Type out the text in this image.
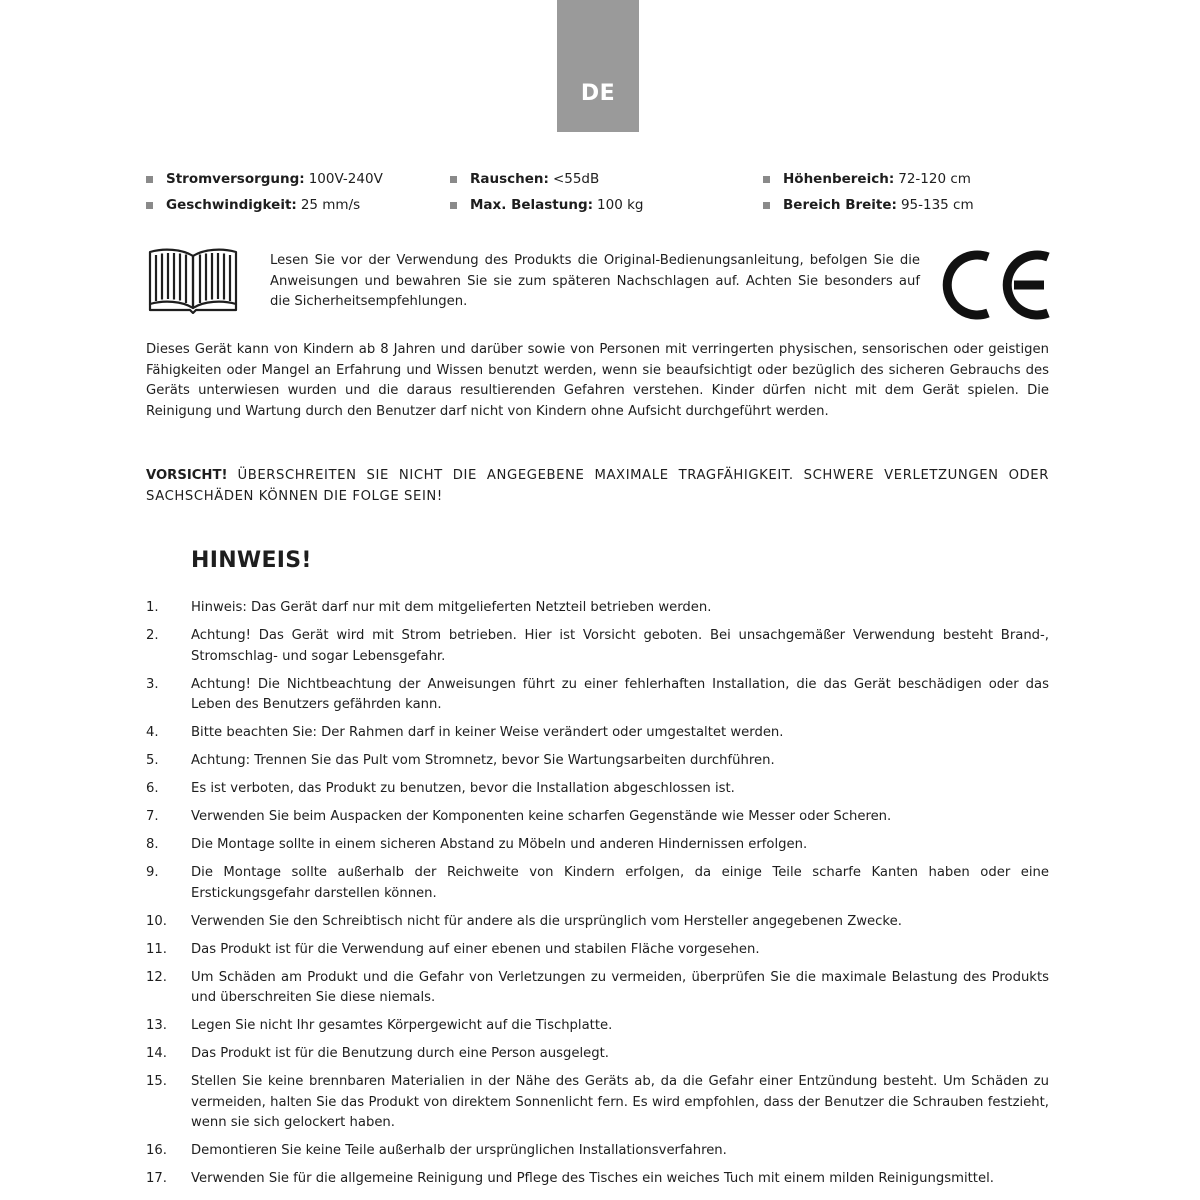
DE
Stromversorgung: 100V-240V
Geschwindigkeit: 25 mm/s
Rauschen: <55dB
Max. Belastung: 100 kg
Höhenbereich: 72-120 cm
Bereich Breite: 95-135 cm
Lesen Sie vor der Verwendung des Produkts die Original-Bedienungsanleitung, befolgen Sie die Anweisungen und bewahren Sie sie zum späteren Nachschlagen auf. Achten Sie besonders auf die Sicherheitsempfehlungen.
Dieses Gerät kann von Kindern ab 8 Jahren und darüber sowie von Personen mit verringerten physischen, sensorischen oder geistigen Fähigkeiten oder Mangel an Erfahrung und Wissen benutzt werden, wenn sie beaufsichtigt oder bezüglich des sicheren Gebrauchs des Geräts unterwiesen wurden und die daraus resultierenden Gefahren verstehen. Kinder dürfen nicht mit dem Gerät spielen. Die Reinigung und Wartung durch den Benutzer darf nicht von Kindern ohne Aufsicht durchgeführt werden.
VORSICHT! ÜBERSCHREITEN SIE NICHT DIE ANGEGEBENE MAXIMALE TRAGFÄHIGKEIT. SCHWERE VERLETZUNGEN ODER SACHSCHÄDEN KÖNNEN DIE FOLGE SEIN!
HINWEIS!
1. Hinweis: Das Gerät darf nur mit dem mitgelieferten Netzteil betrieben werden.
2. Achtung! Das Gerät wird mit Strom betrieben. Hier ist Vorsicht geboten. Bei unsachgemäßer Verwendung besteht Brand-, Stromschlag- und sogar Lebensgefahr.
3. Achtung! Die Nichtbeachtung der Anweisungen führt zu einer fehlerhaften Installation, die das Gerät beschädigen oder das Leben des Benutzers gefährden kann.
4. Bitte beachten Sie: Der Rahmen darf in keiner Weise verändert oder umgestaltet werden.
5. Achtung: Trennen Sie das Pult vom Stromnetz, bevor Sie Wartungsarbeiten durchführen.
6. Es ist verboten, das Produkt zu benutzen, bevor die Installation abgeschlossen ist.
7. Verwenden Sie beim Auspacken der Komponenten keine scharfen Gegenstände wie Messer oder Scheren.
8. Die Montage sollte in einem sicheren Abstand zu Möbeln und anderen Hindernissen erfolgen.
9. Die Montage sollte außerhalb der Reichweite von Kindern erfolgen, da einige Teile scharfe Kanten haben oder eine Erstickungsgefahr darstellen können.
10. Verwenden Sie den Schreibtisch nicht für andere als die ursprünglich vom Hersteller angegebenen Zwecke.
11. Das Produkt ist für die Verwendung auf einer ebenen und stabilen Fläche vorgesehen.
12. Um Schäden am Produkt und die Gefahr von Verletzungen zu vermeiden, überprüfen Sie die maximale Belastung des Produkts und überschreiten Sie diese niemals.
13. Legen Sie nicht Ihr gesamtes Körpergewicht auf die Tischplatte.
14. Das Produkt ist für die Benutzung durch eine Person ausgelegt.
15. Stellen Sie keine brennbaren Materialien in der Nähe des Geräts ab, da die Gefahr einer Entzündung besteht. Um Schäden zu vermeiden, halten Sie das Produkt von direktem Sonnenlicht fern. Es wird empfohlen, dass der Benutzer die Schrauben festzieht, wenn sie sich gelockert haben.
16. Demontieren Sie keine Teile außerhalb der ursprünglichen Installationsverfahren.
17. Verwenden Sie für die allgemeine Reinigung und Pflege des Tisches ein weiches Tuch mit einem milden Reinigungsmittel.
